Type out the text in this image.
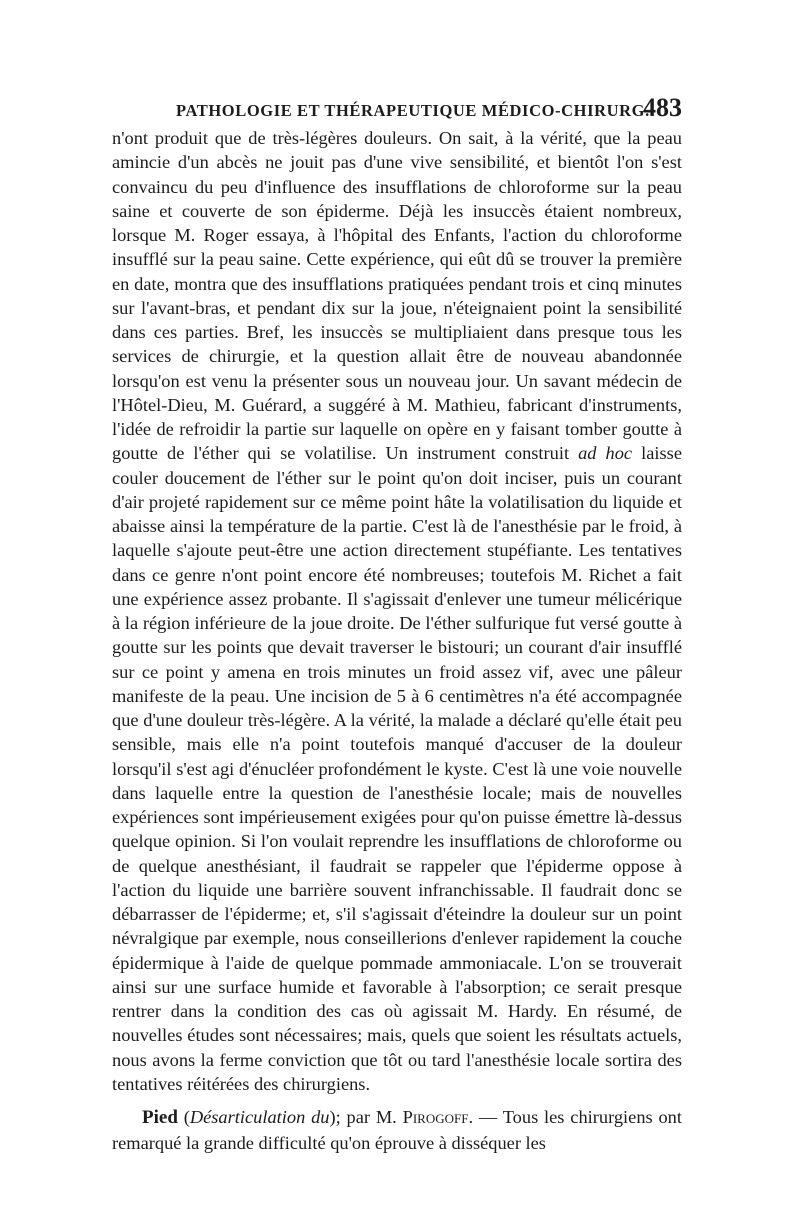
PATHOLOGIE ET THÉRAPEUTIQUE MÉDICO-CHIRURG.
483

n'ont produit que de très-légères douleurs. On sait, à la vérité, que la peau amincie d'un abcès ne jouit pas d'une vive sensibilité, et bientôt l'on s'est convaincu du peu d'influence des insufflations de chloroforme sur la peau saine et couverte de son épiderme. Déjà les insuccès étaient nombreux, lorsque M. Roger essaya, à l'hôpital des Enfants, l'action du chloroforme insufflé sur la peau saine. Cette expérience, qui eût dû se trouver la première en date, montra que des insufflations pratiquées pendant trois et cinq minutes sur l'avant-bras, et pendant dix sur la joue, n'éteignaient point la sensibilité dans ces parties. Bref, les insuccès se multipliaient dans presque tous les services de chirurgie, et la question allait être de nouveau abandonnée lorsqu'on est venu la présenter sous un nouveau jour. Un savant médecin de l'Hôtel-Dieu, M. Guérard, a suggéré à M. Mathieu, fabricant d'instruments, l'idée de refroidir la partie sur laquelle on opère en y faisant tomber goutte à goutte de l'éther qui se volatilise. Un instrument construit ad hoc laisse couler doucement de l'éther sur le point qu'on doit inciser, puis un courant d'air projeté rapidement sur ce même point hâte la volatilisation du liquide et abaisse ainsi la température de la partie. C'est là de l'anesthésie par le froid, à laquelle s'ajoute peut-être une action directement stupéfiante. Les tentatives dans ce genre n'ont point encore été nombreuses; toutefois M. Richet a fait une expérience assez probante. Il s'agissait d'enlever une tumeur mélicérique à la région inférieure de la joue droite. De l'éther sulfurique fut versé goutte à goutte sur les points que devait traverser le bistouri; un courant d'air insufflé sur ce point y amena en trois minutes un froid assez vif, avec une pâleur manifeste de la peau. Une incision de 5 à 6 centimètres n'a été accompagnée que d'une douleur très-légère. A la vérité, la malade a déclaré qu'elle était peu sensible, mais elle n'a point toutefois manqué d'accuser de la douleur lorsqu'il s'est agi d'énucléer profondément le kyste. C'est là une voie nouvelle dans laquelle entre la question de l'anesthésie locale; mais de nouvelles expériences sont impérieusement exigées pour qu'on puisse émettre là-dessus quelque opinion. Si l'on voulait reprendre les insufflations de chloroforme ou de quelque anesthésiant, il faudrait se rappeler que l'épiderme oppose à l'action du liquide une barrière souvent infranchissable. Il faudrait donc se débarrasser de l'épiderme; et, s'il s'agissait d'éteindre la douleur sur un point névralgique par exemple, nous conseillerions d'enlever rapidement la couche épidermique à l'aide de quelque pommade ammoniacale. L'on se trouverait ainsi sur une surface humide et favorable à l'absorption; ce serait presque rentrer dans la condition des cas où agissait M. Hardy. En résumé, de nouvelles études sont nécessaires; mais, quels que soient les résultats actuels, nous avons la ferme conviction que tôt ou tard l'anesthésie locale sortira des tentatives réitérées des chirurgiens.

Pied (Désarticulation du); par M. Pirogoff. — Tous les chirurgiens ont remarqué la grande difficulté qu'on éprouve à disséquer les
